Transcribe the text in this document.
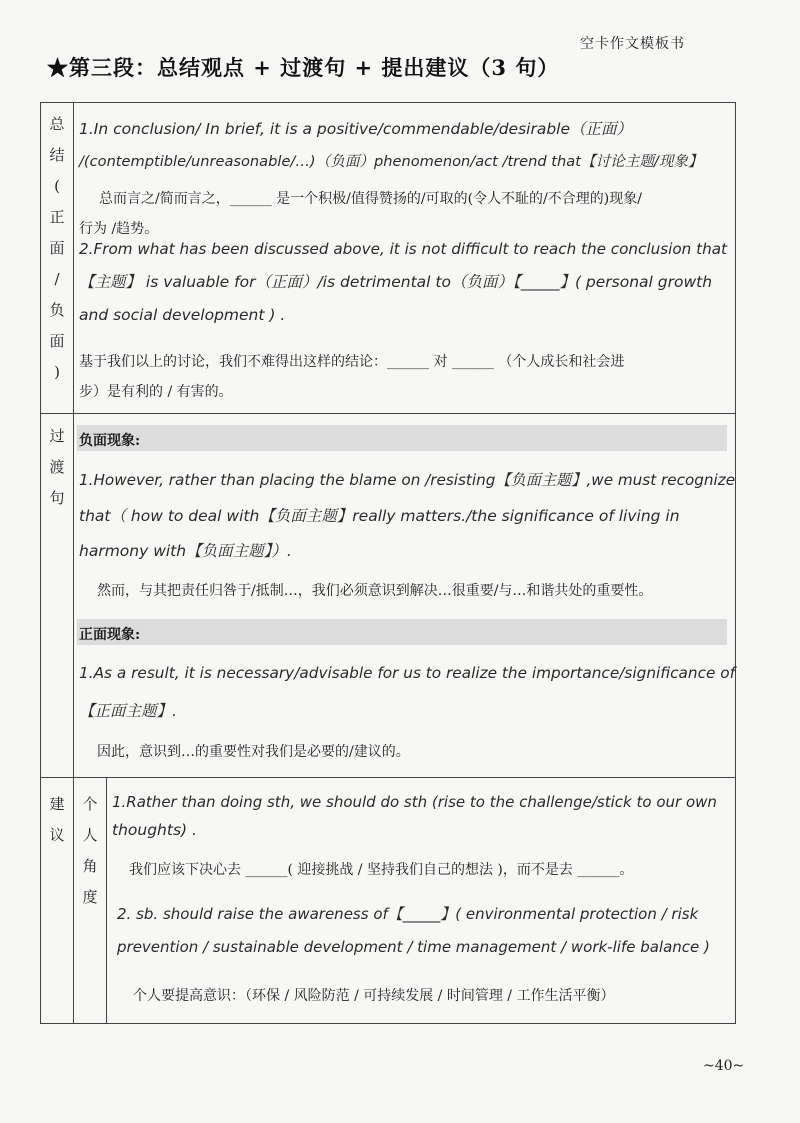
空卡作文模板书
★第三段：总结观点 + 过渡句 + 提出建议（3 句）
总
结
(
正
面
/
负
面
)
1.In conclusion/ In brief, it is a positive/commendable/desirable（正面）
/(contemptible/unreasonable/…)（负面）phenomenon/act /trend that【讨论主题/现象】
总而言之/简而言之，______ 是一个积极/值得赞扬的/可取的(令人不耻的/不合理的)现象/
行为 /趋势。
2.From what has been discussed above, it is not difficult to reach the conclusion that
【主题】 is valuable for（正面）/is detrimental to（负面）【_____】( personal growth
and social development ) .
基于我们以上的讨论，我们不难得出这样的结论：______ 对 ______ （个人成长和社会进
步）是有利的 / 有害的。
过
渡
句
负面现象:
1.However, rather than placing the blame on /resisting【负面主题】,we must recognize
that（ how to deal with【负面主题】really matters./the significance of living in
harmony with【负面主题】）.
然而，与其把责任归咎于/抵制…，我们必须意识到解决…很重要/与…和谐共处的重要性。
正面现象:
1.As a result, it is necessary/advisable for us to realize the importance/significance of
【正面主题】.
因此，意识到…的重要性对我们是必要的/建议的。
建
议
个
人
角
度
1.Rather than doing sth, we should do sth (rise to the challenge/stick to our own
thoughts) .
我们应该下决心去 ______( 迎接挑战 / 坚持我们自己的想法 )，而不是去 ______。
2. sb. should raise the awareness of【_____】( environmental protection / risk
prevention / sustainable development / time management / work-life balance )
个人要提高意识：（环保 / 风险防范 / 可持续发展 / 时间管理 / 工作生活平衡）
~40~
